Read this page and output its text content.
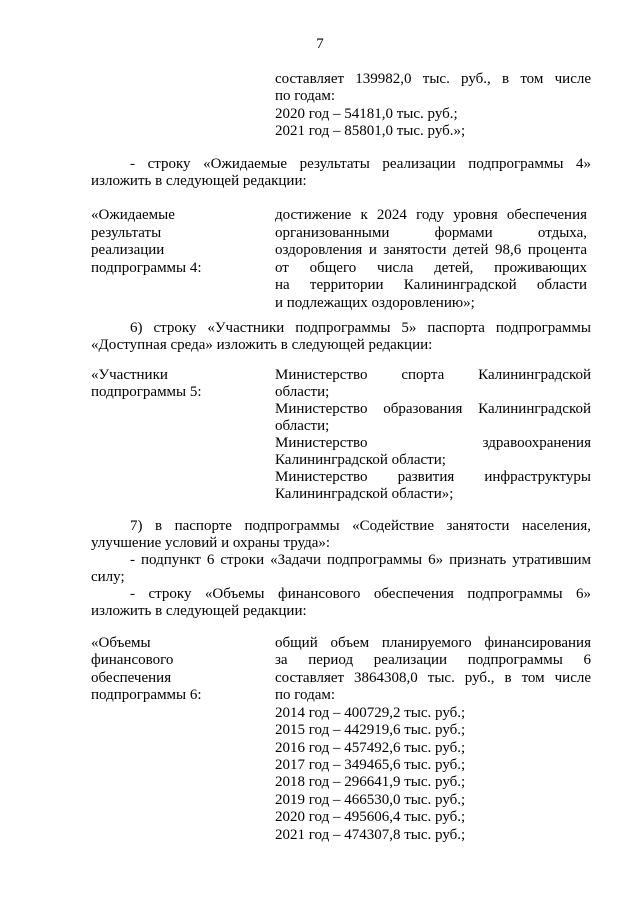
7
составляет 139982,0 тыс. руб., в том числе
по годам:
2020 год – 54181,0 тыс. руб.;
2021 год – 85801,0 тыс. руб.»;
- строку «Ожидаемые результаты реализации подпрограммы 4»
изложить в следующей редакции:
«Ожидаемые
результаты
реализации
подпрограммы 4:
достижение к 2024 году уровня обеспечения
организованными формами отдыха,
оздоровления и занятости детей 98,6 процента
от общего числа детей, проживающих
на территории Калининградской области
и подлежащих оздоровлению»;
6) строку «Участники подпрограммы 5» паспорта подпрограммы
«Доступная среда» изложить в следующей редакции:
«Участники
подпрограммы 5:
Министерство спорта Калининградской
области;
Министерство образования Калининградской
области;
Министерство здравоохранения
Калининградской области;
Министерство развития инфраструктуры
Калининградской области»;
7) в паспорте подпрограммы «Содействие занятости населения,
улучшение условий и охраны труда»:
- подпункт 6 строки «Задачи подпрограммы 6» признать утратившим
силу;
- строку «Объемы финансового обеспечения подпрограммы 6»
изложить в следующей редакции:
«Объемы
финансового
обеспечения
подпрограммы 6:
общий объем планируемого финансирования
за период реализации подпрограммы 6
составляет 3864308,0 тыс. руб., в том числе
по годам:
2014 год – 400729,2 тыс. руб.;
2015 год – 442919,6 тыс. руб.;
2016 год – 457492,6 тыс. руб.;
2017 год – 349465,6 тыс. руб.;
2018 год – 296641,9 тыс. руб.;
2019 год – 466530,0 тыс. руб.;
2020 год – 495606,4 тыс. руб.;
2021 год – 474307,8 тыс. руб.;
